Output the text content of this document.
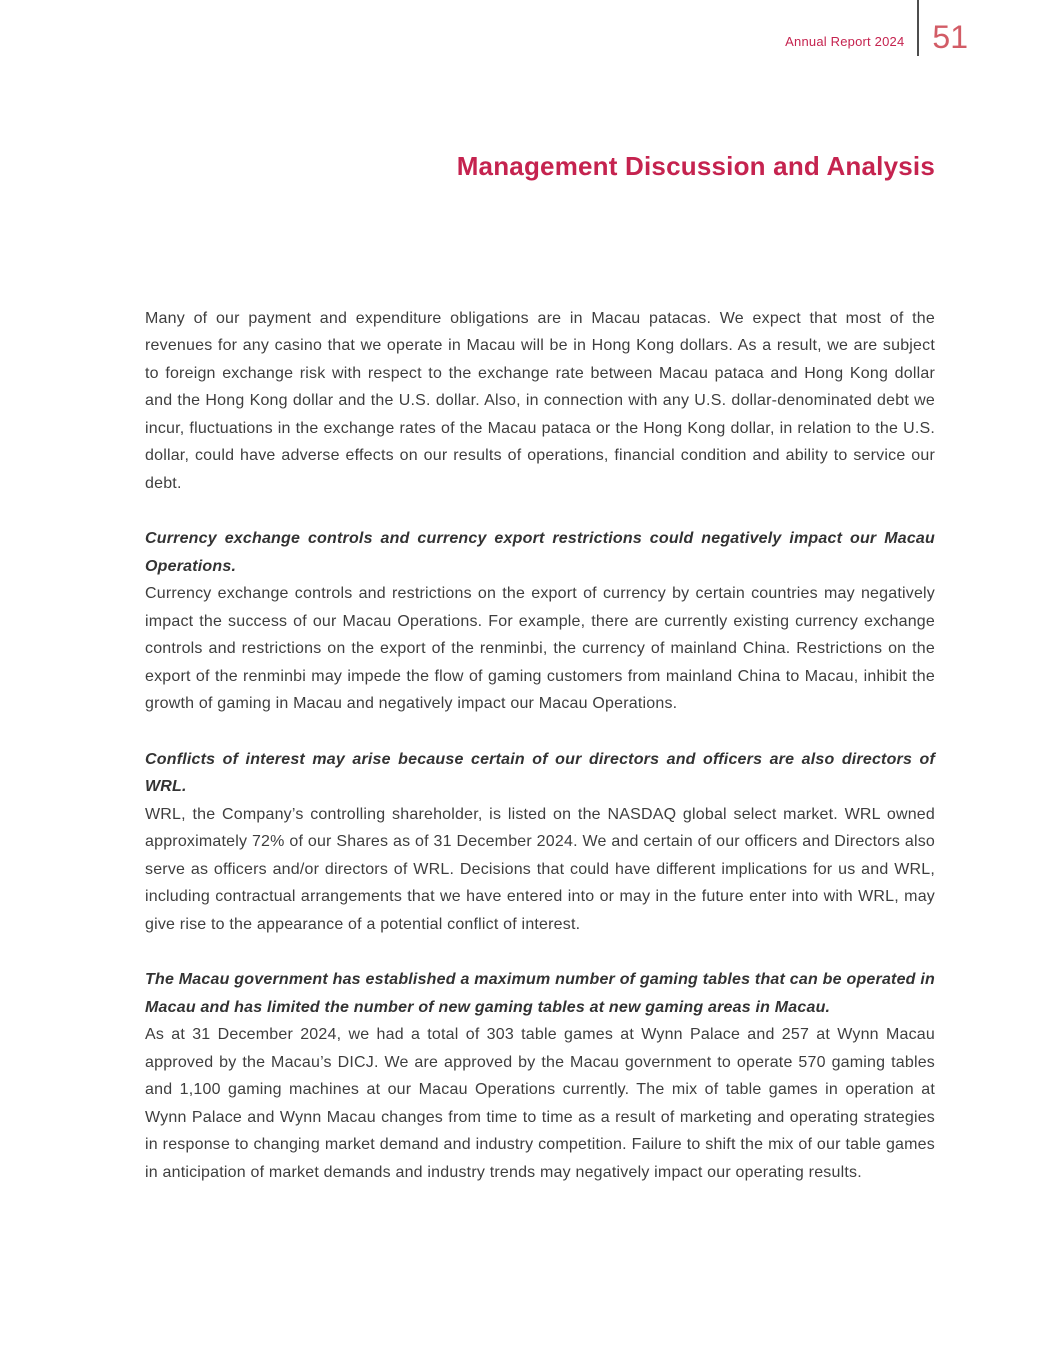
Annual Report 2024 51
Management Discussion and Analysis

Many of our payment and expenditure obligations are in Macau patacas. We expect that most of the revenues for any casino that we operate in Macau will be in Hong Kong dollars. As a result, we are subject to foreign exchange risk with respect to the exchange rate between Macau pataca and Hong Kong dollar and the Hong Kong dollar and the U.S. dollar. Also, in connection with any U.S. dollar-denominated debt we incur, fluctuations in the exchange rates of the Macau pataca or the Hong Kong dollar, in relation to the U.S. dollar, could have adverse effects on our results of operations, financial condition and ability to service our debt.

Currency exchange controls and currency export restrictions could negatively impact our Macau Operations.

Currency exchange controls and restrictions on the export of currency by certain countries may negatively impact the success of our Macau Operations. For example, there are currently existing currency exchange controls and restrictions on the export of the renminbi, the currency of mainland China. Restrictions on the export of the renminbi may impede the flow of gaming customers from mainland China to Macau, inhibit the growth of gaming in Macau and negatively impact our Macau Operations.

Conflicts of interest may arise because certain of our directors and officers are also directors of WRL.

WRL, the Company’s controlling shareholder, is listed on the NASDAQ global select market. WRL owned approximately 72% of our Shares as of 31 December 2024. We and certain of our officers and Directors also serve as officers and/or directors of WRL. Decisions that could have different implications for us and WRL, including contractual arrangements that we have entered into or may in the future enter into with WRL, may give rise to the appearance of a potential conflict of interest.

The Macau government has established a maximum number of gaming tables that can be operated in Macau and has limited the number of new gaming tables at new gaming areas in Macau.

As at 31 December 2024, we had a total of 303 table games at Wynn Palace and 257 at Wynn Macau approved by the Macau’s DICJ. We are approved by the Macau government to operate 570 gaming tables and 1,100 gaming machines at our Macau Operations currently. The mix of table games in operation at Wynn Palace and Wynn Macau changes from time to time as a result of marketing and operating strategies in response to changing market demand and industry competition. Failure to shift the mix of our table games in anticipation of market demands and industry trends may negatively impact our operating results.
